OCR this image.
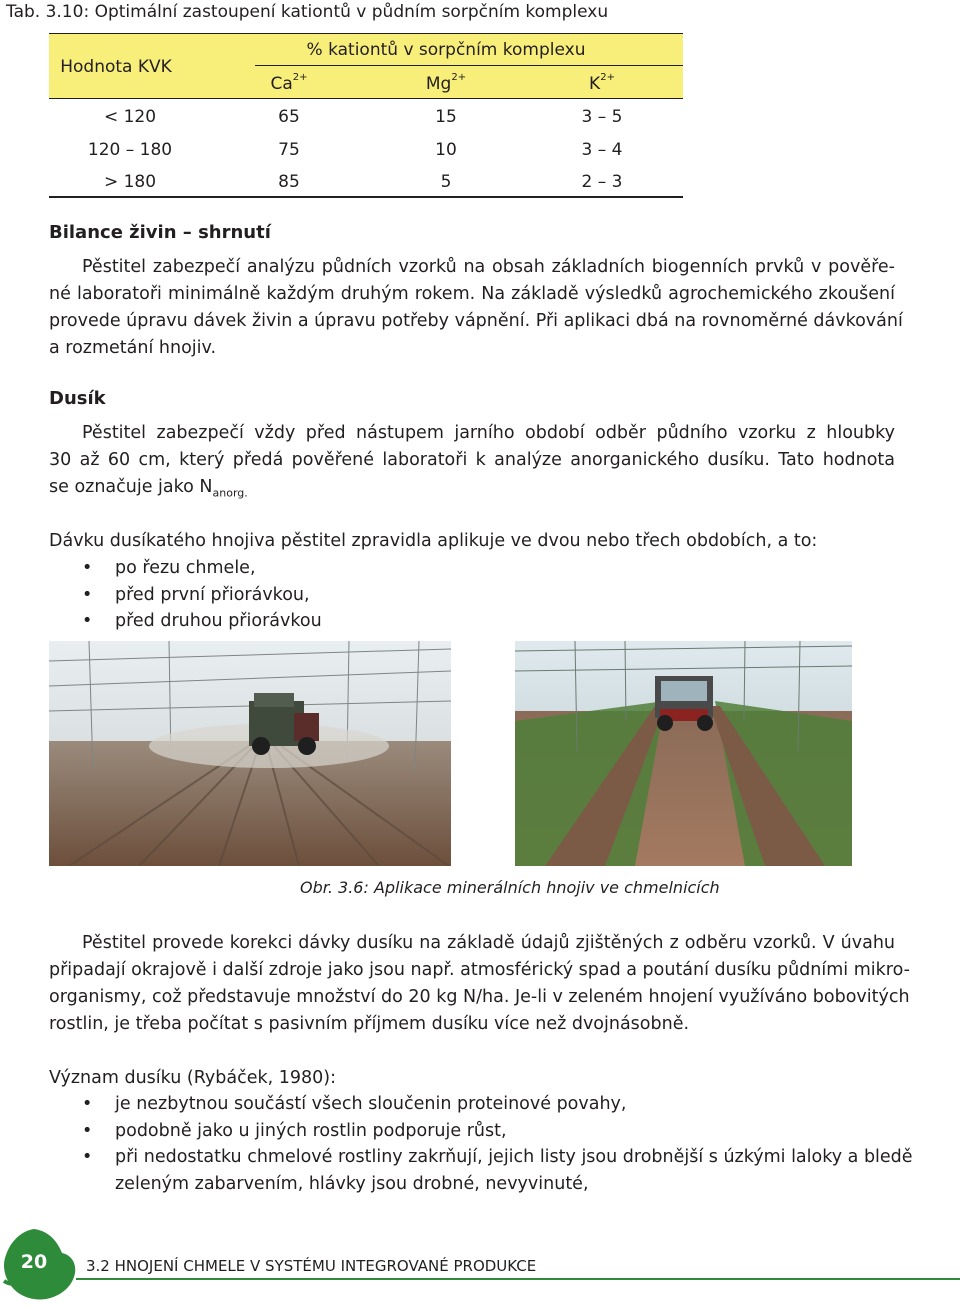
Tab. 3.10: Optimální zastoupení kationtů v půdním sorpčním komplexu
Hodnota KVK
% kationtů v sorpčním komplexu
$Ca^{2+}$	$Mg^{2+}$	$K^{2+}$
< 120	65	15	3 – 5
120 – 180	75	10	3 – 4
> 180	85	5	2 – 3
Bilance živin – shrnutí
Pěstitel zabezpečí analýzu půdních vzorků na obsah základních biogenních prvků v pověře-
né laboratoři minimálně každým druhým rokem. Na základě výsledků agrochemického zkoušení
provede úpravu dávek živin a úpravu potřeby vápnění. Při aplikaci dbá na rovnoměrné dávkování
a rozmetání hnojiv.
Dusík
Pěstitel zabezpečí vždy před nástupem jarního období odběr půdního vzorku z hloubky
30 až 60 cm, který předá pověřené laboratoři k analýze anorganického dusíku. Tato hodnota
se označuje jako $N_{anorg.}$
Dávku dusíkatého hnojiva pěstitel zpravidla aplikuje ve dvou nebo třech obdobích, a to:
• po řezu chmele,
• před první přiorávkou,
• před druhou přiorávkou
Obr. 3.6: Aplikace minerálních hnojiv ve chmelnicích
Pěstitel provede korekci dávky dusíku na základě údajů zjištěných z odběru vzorků. V úvahu
připadají okrajově i další zdroje jako jsou např. atmosférický spad a poutání dusíku půdními mikro-
organismy, což představuje množství do 20 kg N/ha. Je-li v zeleném hnojení využíváno bobovitých
rostlin, je třeba počítat s pasivním příjmem dusíku více než dvojnásobně.
Význam dusíku (Rybáček, 1980):
• je nezbytnou součástí všech sloučenin proteinové povahy,
• podobně jako u jiných rostlin podporuje růst,
• při nedostatku chmelové rostliny zakrňují, jejich listy jsou drobnější s úzkými laloky a bledě
zeleným zabarvením, hlávky jsou drobné, nevyvinuté,
20	3.2 HNOJENÍ CHMELE V SYSTÉMU INTEGROVANÉ PRODUKCE
